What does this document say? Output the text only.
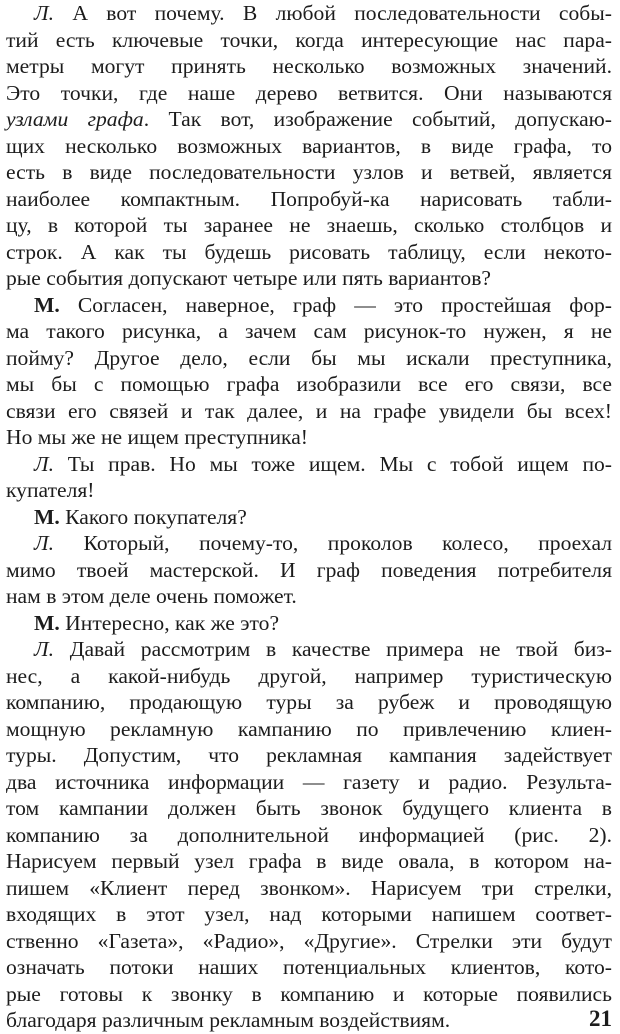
Л. А вот почему. В любой последовательности собы-
тий есть ключевые точки, когда интересующие нас пара-
метры могут принять несколько возможных значений.
Это точки, где наше дерево ветвится. Они называются
узлами графа. Так вот, изображение событий, допускаю-
щих несколько возможных вариантов, в виде графа, то
есть в виде последовательности узлов и ветвей, является
наиболее компактным. Попробуй-ка нарисовать табли-
цу, в которой ты заранее не знаешь, сколько столбцов и
строк. А как ты будешь рисовать таблицу, если некото-
рые события допускают четыре или пять вариантов?
М. Согласен, наверное, граф — это простейшая фор-
ма такого рисунка, а зачем сам рисунок-то нужен, я не
пойму? Другое дело, если бы мы искали преступника,
мы бы с помощью графа изобразили все его связи, все
связи его связей и так далее, и на графе увидели бы всех!
Но мы же не ищем преступника!
Л. Ты прав. Но мы тоже ищем. Мы с тобой ищем по-
купателя!
М. Какого покупателя?
Л. Который, почему-то, проколов колесо, проехал
мимо твоей мастерской. И граф поведения потребителя
нам в этом деле очень поможет.
М. Интересно, как же это?
Л. Давай рассмотрим в качестве примера не твой биз-
нес, а какой-нибудь другой, например туристическую
компанию, продающую туры за рубеж и проводящую
мощную рекламную кампанию по привлечению клиен-
туры. Допустим, что рекламная кампания задействует
два источника информации — газету и радио. Результа-
том кампании должен быть звонок будущего клиента в
компанию за дополнительной информацией (рис. 2).
Нарисуем первый узел графа в виде овала, в котором на-
пишем «Клиент перед звонком». Нарисуем три стрелки,
входящих в этот узел, над которыми напишем соответ-
ственно «Газета», «Радио», «Другие». Стрелки эти будут
означать потоки наших потенциальных клиентов, кото-
рые готовы к звонку в компанию и которые появились
благодаря различным рекламным воздействиям.	21
